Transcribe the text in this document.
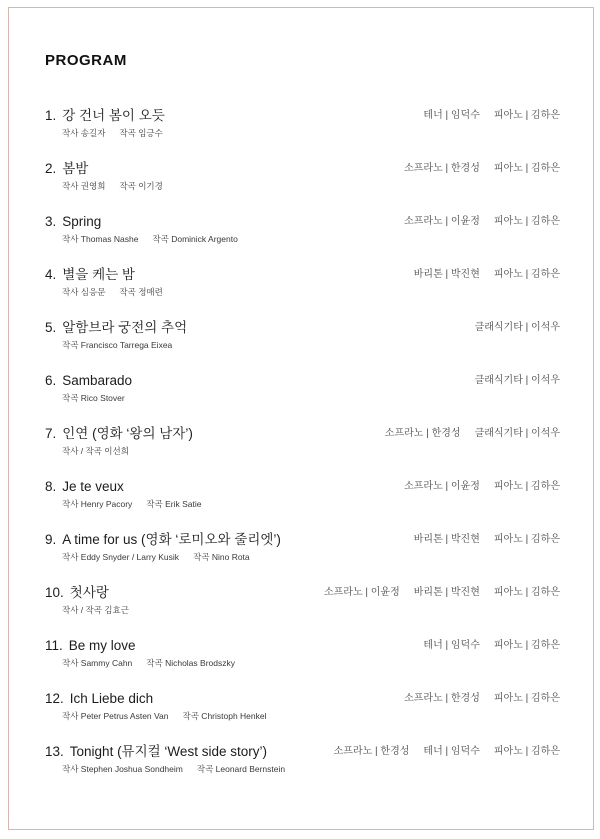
PROGRAM
1. 강 건너 봄이 오듯
작사 송길자 작곡 임긍수
테너 | 임덕수 피아노 | 김하은
2. 봄밤
작사 권영희 작곡 이기경
소프라노 | 한경성 피아노 | 김하은
3. Spring
작사 Thomas Nashe 작곡 Dominick Argento
소프라노 | 이윤정 피아노 | 김하은
4. 별을 케는 밤
작사 심응문 작곡 정매련
바리톤 | 박진현 피아노 | 김하은
5. 알함브라 궁전의 추억
작곡 Francisco Tarrega Eixea
클래식기타 | 이석우
6. Sambarado
작곡 Rico Stover
클래식기타 | 이석우
7. 인연 (영화 ‘왕의 남자’)
작사 / 작곡 이선희
소프라노 | 한경성 클래식기타 | 이석우
8. Je te veux
작사 Henry Pacory 작곡 Erik Satie
소프라노 | 이윤정 피아노 | 김하은
9. A time for us (영화 ‘로미오와 줄리엣’)
작사 Eddy Snyder / Larry Kusik 작곡 Nino Rota
바리톤 | 박진현 피아노 | 김하은
10. 첫사랑
작사 / 작곡 김효근
소프라노 | 이윤정 바리톤 | 박진현 피아노 | 김하은
11. Be my love
작사 Sammy Cahn 작곡 Nicholas Brodszky
테너 | 임덕수 피아노 | 김하은
12. Ich Liebe dich
작사 Peter Petrus Asten Van 작곡 Christoph Henkel
소프라노 | 한경성 피아노 | 김하은
13. Tonight (뮤지컬 ‘West side story’)
작사 Stephen Joshua Sondheim 작곡 Leonard Bernstein
소프라노 | 한경성 테너 | 임덕수 피아노 | 김하은
